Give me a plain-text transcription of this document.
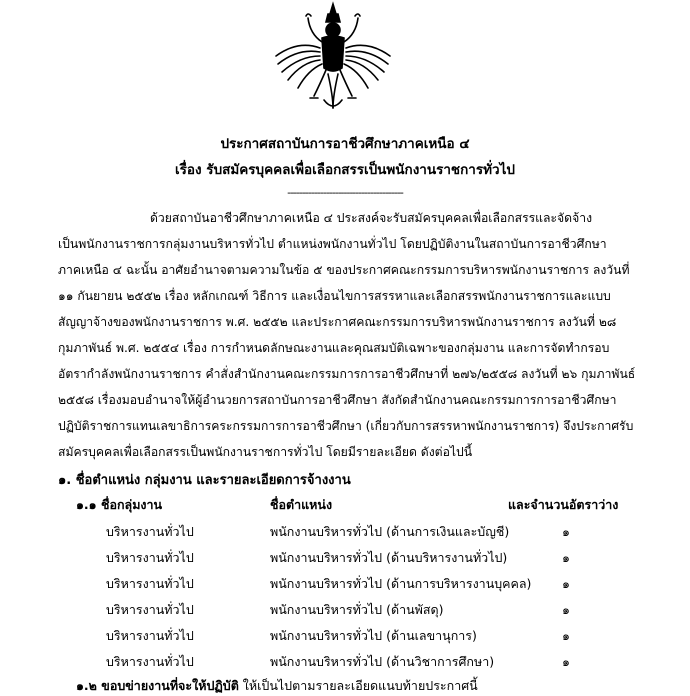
ประกาศสถาบันการอาชีวศึกษาภาคเหนือ ๔
เรื่อง รับสมัครบุคคลเพื่อเลือกสรรเป็นพนักงานราชการทั่วไป
---------------------------------------
ด้วยสถาบันอาชีวศึกษาภาคเหนือ ๔ ประสงค์จะรับสมัครบุคคลเพื่อเลือกสรรและจัดจ้าง
เป็นพนักงานราชการกลุ่มงานบริหารทั่วไป ตำแหน่งพนักงานทั่วไป โดยปฏิบัติงานในสถาบันการอาชีวศึกษา
ภาคเหนือ ๔ ฉะนั้น อาศัยอำนาจตามความในข้อ ๕ ของประกาศคณะกรรมการบริหารพนักงานราชการ ลงวันที่
๑๑ กันยายน ๒๕๕๒ เรื่อง หลักเกณฑ์ วิธีการ และเงื่อนไขการสรรหาและเลือกสรรพนักงานราชการและแบบ
สัญญาจ้างของพนักงานราชการ พ.ศ. ๒๕๕๒ และประกาศคณะกรรมการบริหารพนักงานราชการ ลงวันที่ ๒๘
กุมภาพันธ์ พ.ศ. ๒๕๕๔ เรื่อง การกำหนดลักษณะงานและคุณสมบัติเฉพาะของกลุ่มงาน และการจัดทำกรอบ
อัตรากำลังพนักงานราชการ คำสั่งสำนักงานคณะกรรมการการอาชีวศึกษาที่ ๒๗๖/๒๕๕๘ ลงวันที่ ๒๖ กุมภาพันธ์
๒๕๕๘ เรื่องมอบอำนาจให้ผู้อำนวยการสถาบันการอาชีวศึกษา สังกัดสำนักงานคณะกรรมการการอาชีวศึกษา
ปฏิบัติราชการแทนเลขาธิการคระกรรมการการอาชีวศึกษา (เกี่ยวกับการสรรหาพนักงานราชการ) จึงประกาศรับ
สมัครบุคคลเพื่อเลือกสรรเป็นพนักงานราชการทั่วไป โดยมีรายละเอียด ดังต่อไปนี้
๑. ชื่อตำแหน่ง กลุ่มงาน และรายละเอียดการจ้างงาน
๑.๑ ชื่อกลุ่มงาน	ชื่อตำแหน่ง	และจำนวนอัตราว่าง
บริหารงานทั่วไป	พนักงานบริหารทั่วไป (ด้านการเงินและบัญชี)	๑
บริหารงานทั่วไป	พนักงานบริหารทั่วไป (ด้านบริหารงานทั่วไป)	๑
บริหารงานทั่วไป	พนักงานบริหารทั่วไป (ด้านการบริหารงานบุคคล)	๑
บริหารงานทั่วไป	พนักงานบริหารทั่วไป (ด้านพัสดุ)	๑
บริหารงานทั่วไป	พนักงานบริหารทั่วไป (ด้านเลขานุการ)	๑
บริหารงานทั่วไป	พนักงานบริหารทั่วไป (ด้านวิชาการศึกษา)	๑
๑.๒ ขอบข่ายงานที่จะให้ปฏิบัติ ให้เป็นไปตามรายละเอียดแนบท้ายประกาศนี้
